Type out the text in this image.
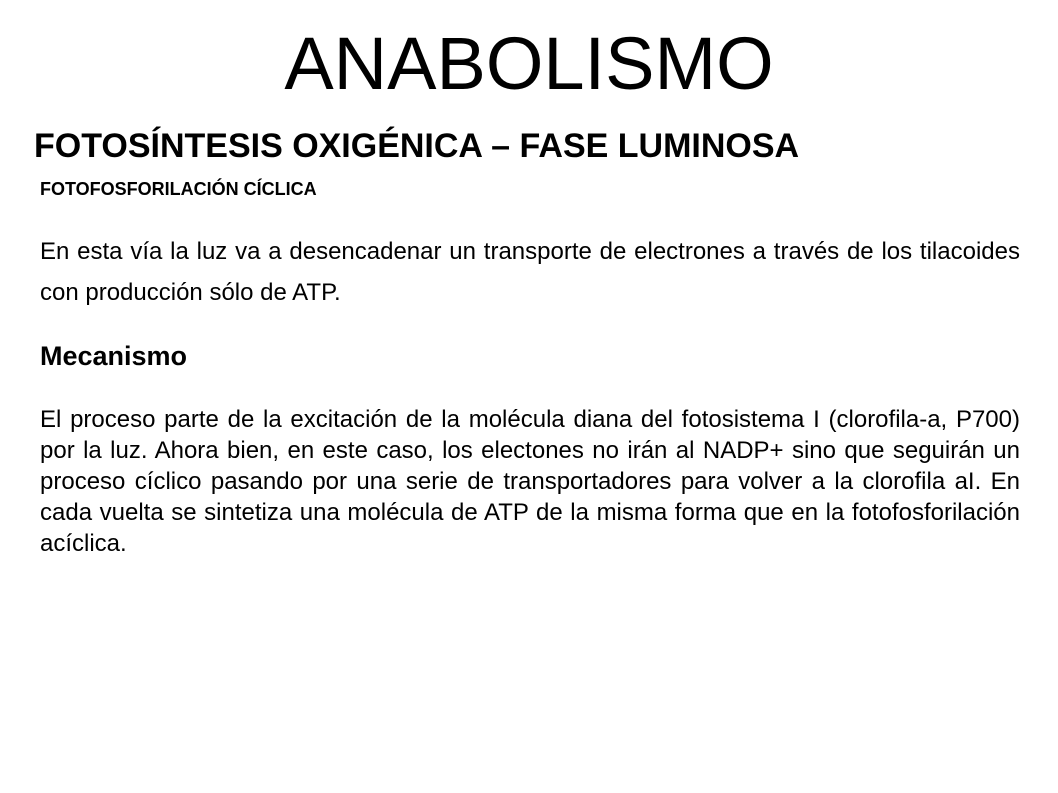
ANABOLISMO
FOTOSÍNTESIS OXIGÉNICA – FASE LUMINOSA
FOTOFOSFORILACIÓN CÍCLICA

En esta vía la luz va a desencadenar un transporte de electrones a través de los tilacoides con producción sólo de ATP.

Mecanismo

El proceso parte de la excitación de la molécula diana del fotosistema I (clorofila-a, P700) por la luz. Ahora bien, en este caso, los electones no irán al NADP+ sino que seguirán un proceso cíclico pasando por una serie de transportadores para volver a la clorofila aI. En cada vuelta se sintetiza una molécula de ATP de la misma forma que en la fotofosforilación acíclica.
